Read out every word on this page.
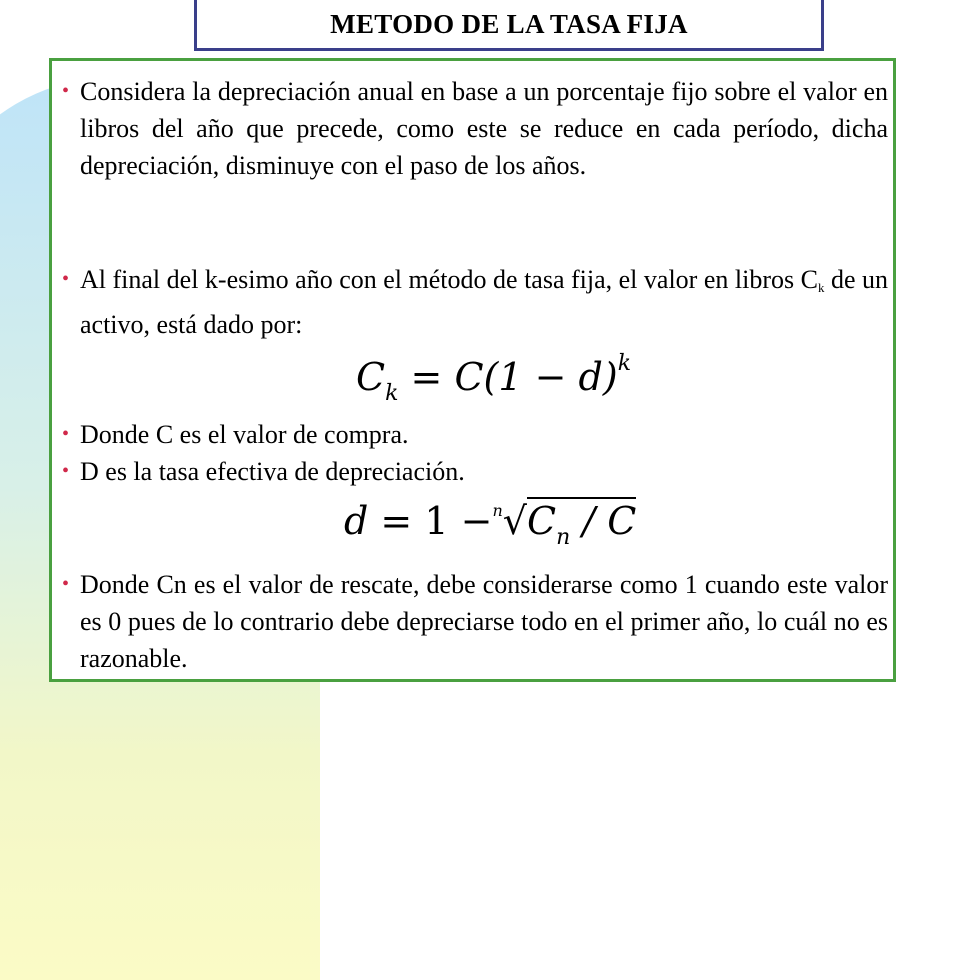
METODO DE LA TASA FIJA
• Considera la depreciación anual en base a un porcentaje fijo sobre el valor en libros del año que precede, como este se reduce en cada período, dicha depreciación, disminuye con el paso de los años.
• Al final del k-esimo año con el método de tasa fija, el valor en libros Ck de un activo, está dado por:
$C_k = C(1 - d)^k$
• Donde C es el valor de compra.
• D es la tasa efectiva de depreciación.
$d = 1 -^n√C_n / C$
• Donde Cn es el valor de rescate, debe considerarse como 1 cuando este valor es 0 pues de lo contrario debe depreciarse todo en el primer año, lo cuál no es razonable.
